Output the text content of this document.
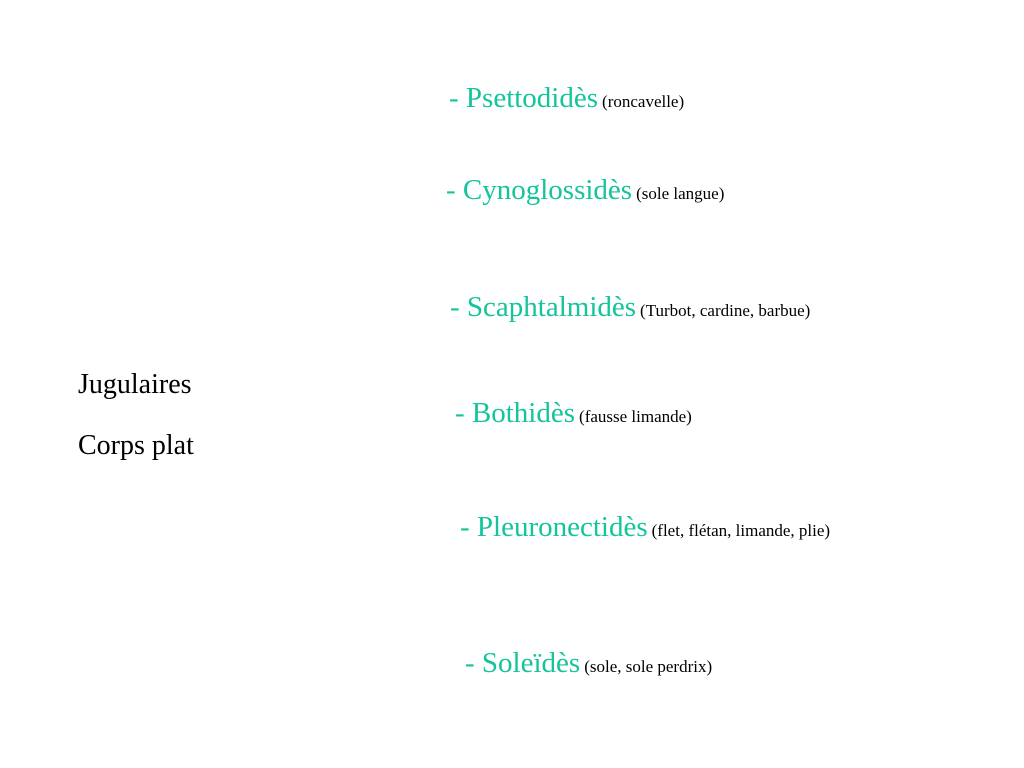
Jugulaires
Corps plat
- Psettodidès (roncavelle)
- Cynoglossidès (sole langue)
- Scaphtalmidès (Turbot, cardine, barbue)
- Bothidès (fausse limande)
- Pleuronectidès (flet, flétan, limande, plie)
- Soleïdès (sole, sole perdrix)
